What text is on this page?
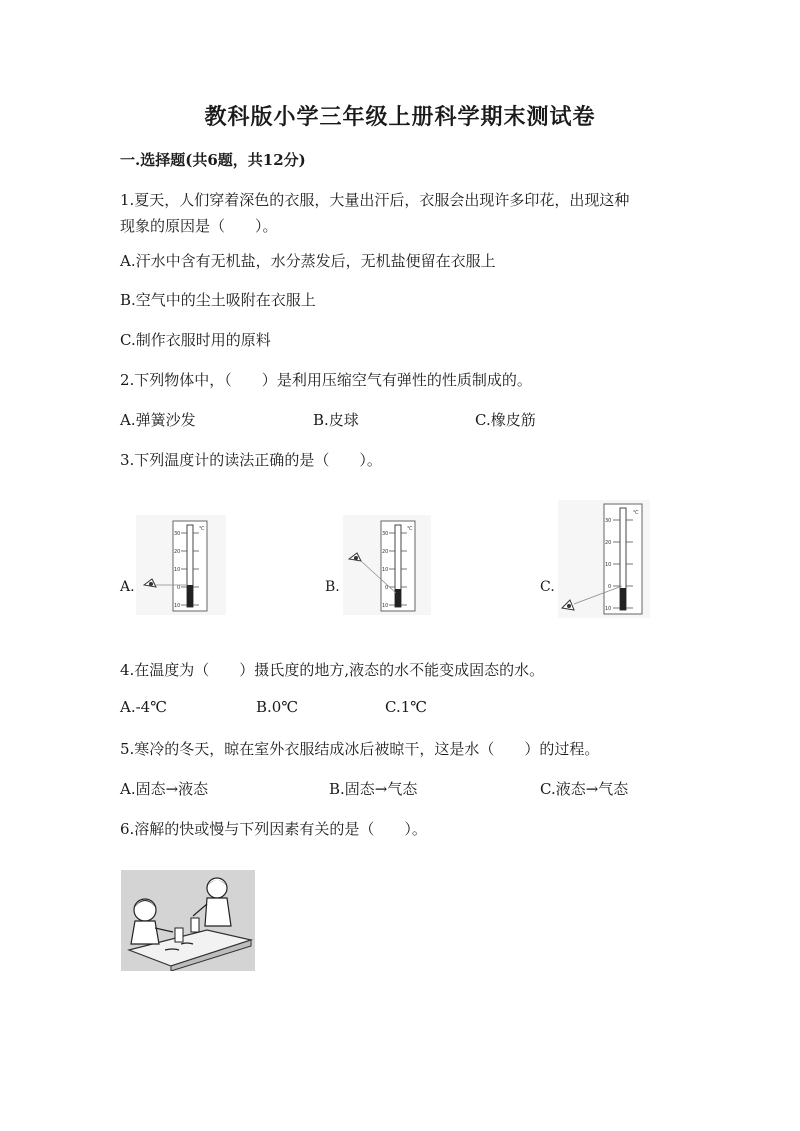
教科版小学三年级上册科学期末测试卷
一.选择题(共6题，共12分)
1.夏天，人们穿着深色的衣服，大量出汗后，衣服会出现许多印花，出现这种
现象的原因是（　　）。
A.汗水中含有无机盐，水分蒸发后，无机盐便留在衣服上
B.空气中的尘土吸附在衣服上
C.制作衣服时用的原料
2.下列物体中，（　　）是利用压缩空气有弹性的性质制成的。
A.弹簧沙发	B.皮球	C.橡皮筋
3.下列温度计的读法正确的是（　　）。
A.
30
20
10
0
10
℃
B.
30
20
10
0
10
℃
C.
30
20
10
0
10
℃
4.在温度为（　　）摄氏度的地方,液态的水不能变成固态的水。
A.-4℃	B.0℃	C.1℃
5.寒冷的冬天，晾在室外衣服结成冰后被晾干，这是水（　　）的过程。
A.固态→液态	B.固态→气态	C.液态→气态
6.溶解的快或慢与下列因素有关的是（　　）。
